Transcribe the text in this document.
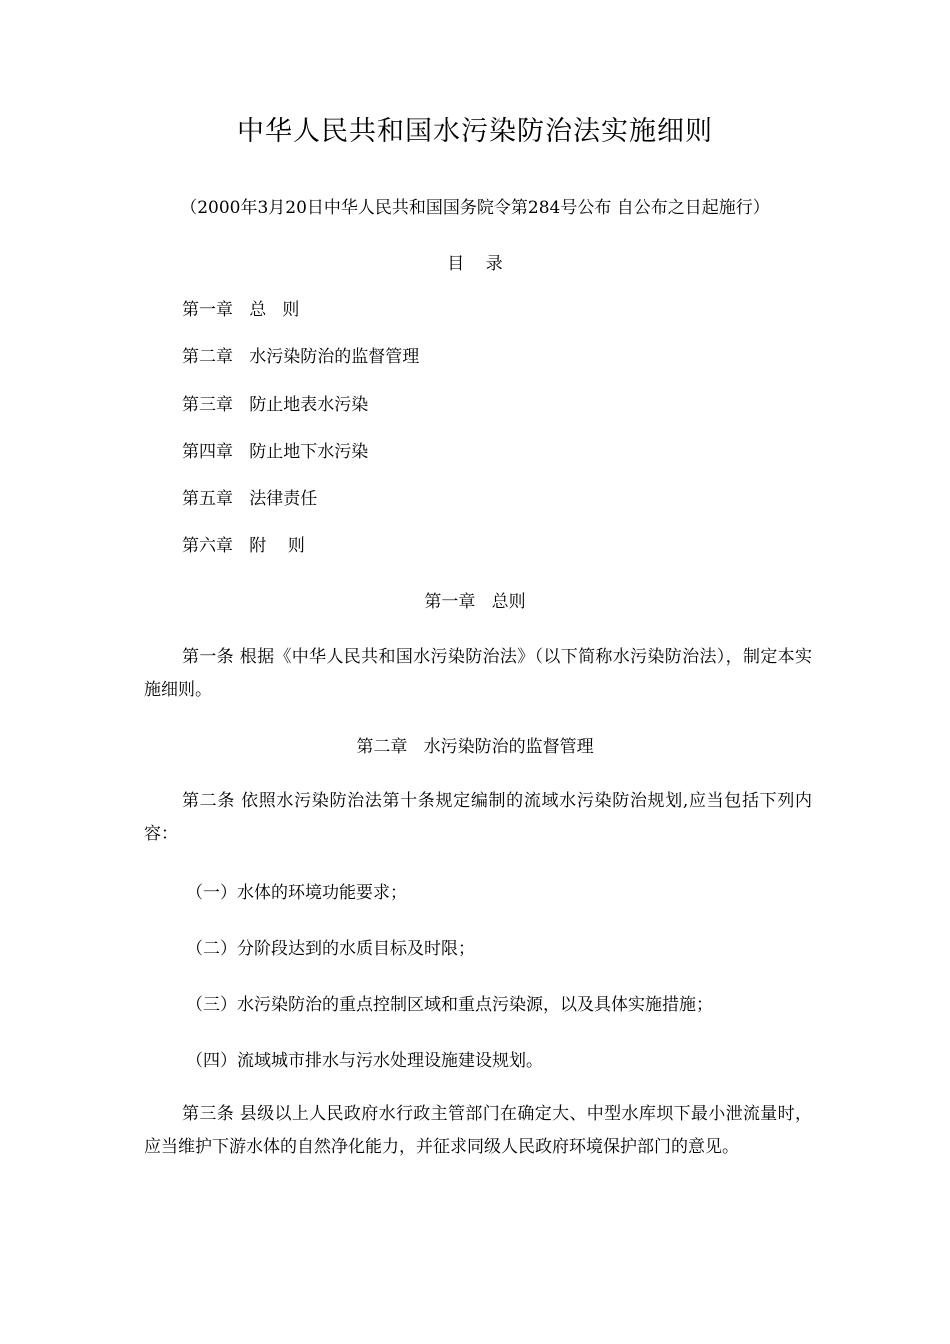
中华人民共和国水污染防治法实施细则
（2000年3月20日中华人民共和国国务院令第284号公布 自公布之日起施行）
目    录
第一章   总   则
第二章   水污染防治的监督管理
第三章   防止地表水污染
第四章   防止地下水污染
第五章   法律责任
第六章   附    则
第一章   总则
第一条 根据《中华人民共和国水污染防治法》（以下简称水污染防治法），制定本实施细则。
第二章   水污染防治的监督管理
第二条 依照水污染防治法第十条规定编制的流域水污染防治规划,应当包括下列内容：
（一）水体的环境功能要求；
（二）分阶段达到的水质目标及时限；
（三）水污染防治的重点控制区域和重点污染源，以及具体实施措施；
（四）流域城市排水与污水处理设施建设规划。
第三条 县级以上人民政府水行政主管部门在确定大、中型水库坝下最小泄流量时，应当维护下游水体的自然净化能力，并征求同级人民政府环境保护部门的意见。
